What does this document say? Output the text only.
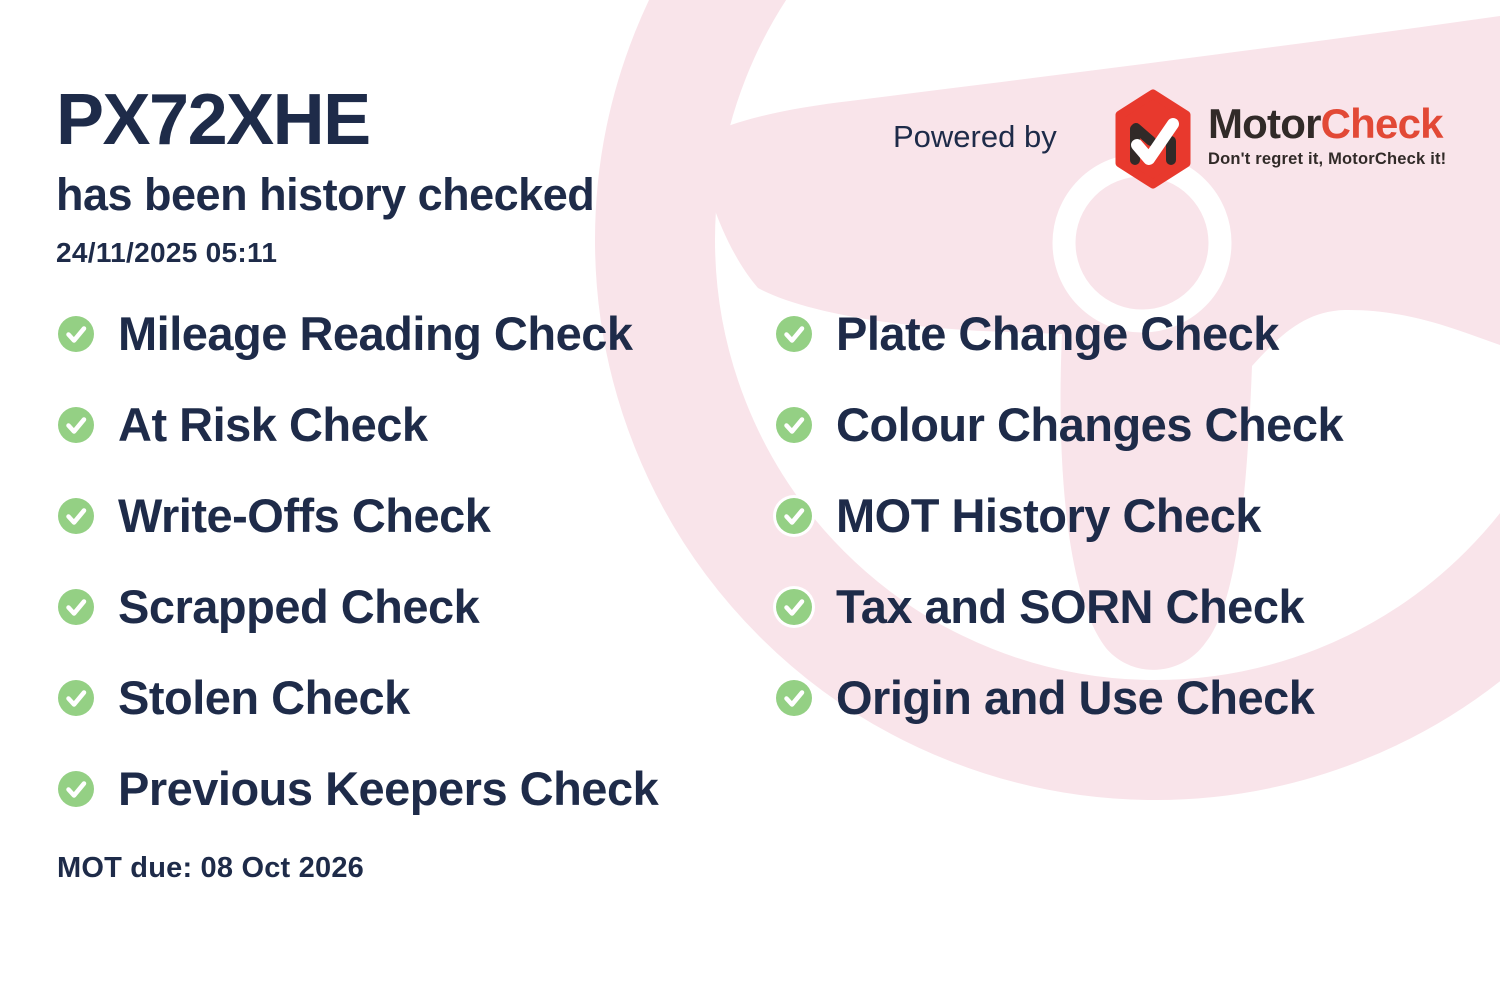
PX72XHE
has been history checked
24/11/2025 05:11
Powered by	MotorCheck
Don't regret it, MotorCheck it!
Mileage Reading Check
At Risk Check
Write-Offs Check
Scrapped Check
Stolen Check
Previous Keepers Check
Plate Change Check
Colour Changes Check
MOT History Check
Tax and SORN Check
Origin and Use Check
MOT due: 08 Oct 2026
